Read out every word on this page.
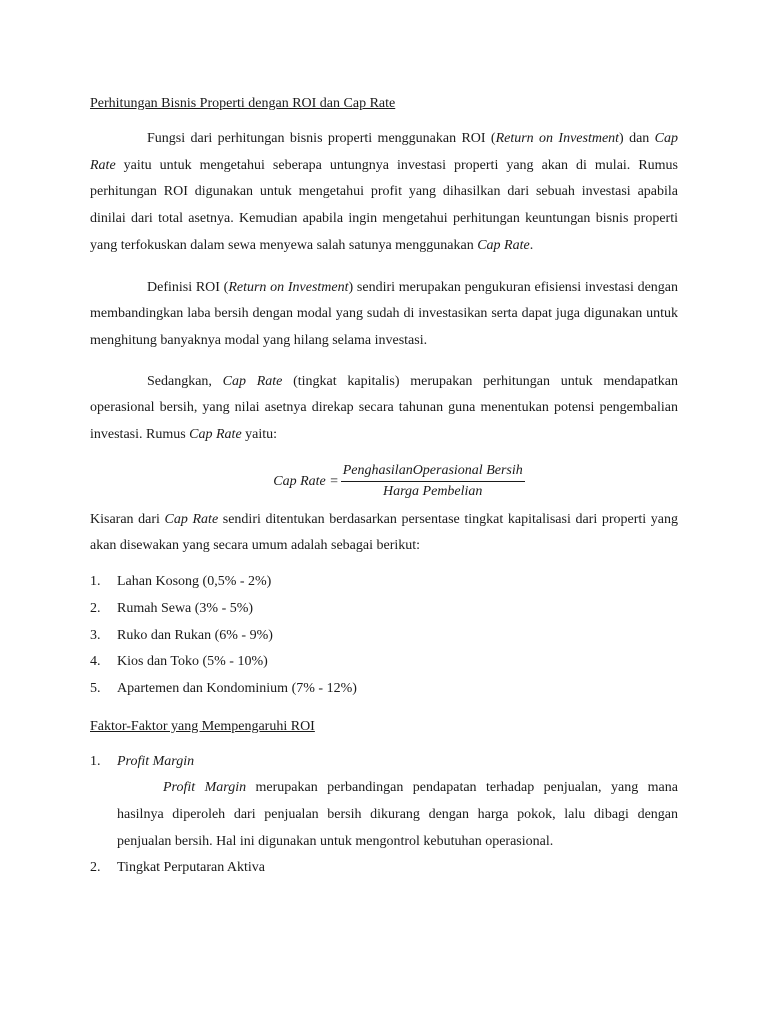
Perhitungan Bisnis Properti dengan ROI dan Cap Rate

Fungsi dari perhitungan bisnis properti menggunakan ROI (Return on Investment) dan Cap Rate yaitu untuk mengetahui seberapa untungnya investasi properti yang akan di mulai. Rumus perhitungan ROI digunakan untuk mengetahui profit yang dihasilkan dari sebuah investasi apabila dinilai dari total asetnya. Kemudian apabila ingin mengetahui perhitungan keuntungan bisnis properti yang terfokuskan dalam sewa menyewa salah satunya menggunakan Cap Rate.

Definisi ROI (Return on Investment) sendiri merupakan pengukuran efisiensi investasi dengan membandingkan laba bersih dengan modal yang sudah di investasikan serta dapat juga digunakan untuk menghitung banyaknya modal yang hilang selama investasi.

Sedangkan, Cap Rate (tingkat kapitalis) merupakan perhitungan untuk mendapatkan operasional bersih, yang nilai asetnya direkap secara tahunan guna menentukan potensi pengembalian investasi. Rumus Cap Rate yaitu:

Cap Rate = $\frac{\text{PenghasilanOperasional Bersih}}{\text{Harga Pembelian}}$

Kisaran dari Cap Rate sendiri ditentukan berdasarkan persentase tingkat kapitalisasi dari properti yang akan disewakan yang secara umum adalah sebagai berikut:

1.	Lahan Kosong (0,5% - 2%)
2.	Rumah Sewa (3% - 5%)
3.	Ruko dan Rukan (6% - 9%)
4.	Kios dan Toko (5% - 10%)
5.	Apartemen dan Kondominium (7% - 12%)
Faktor-Faktor yang Mempengaruhi ROI
1.	Profit Margin
Profit Margin merupakan perbandingan pendapatan terhadap penjualan, yang mana hasilnya diperoleh dari penjualan bersih dikurang dengan harga pokok, lalu dibagi dengan penjualan bersih. Hal ini digunakan untuk mengontrol kebutuhan operasional.
2.	Tingkat Perputaran Aktiva
